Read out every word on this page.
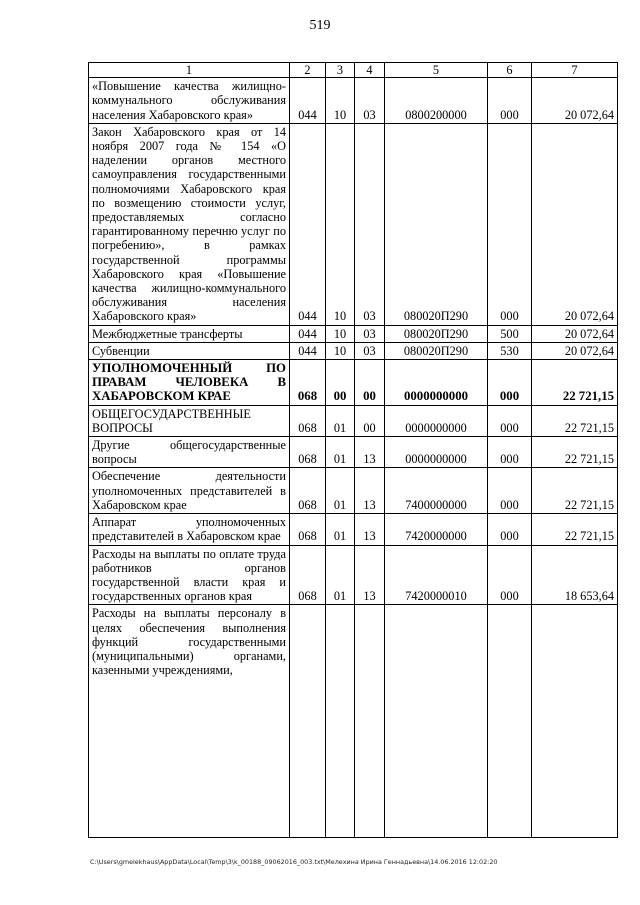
519
1	2	3	4	5	6	7
«Повышение качества жилищно-коммунального обслуживания населения Хабаровского края»	044	10	03	0800200000	000	20 072,64
Закон Хабаровского края от 14 ноября 2007 года № 154 «О наделении органов местного самоуправления государственными полномочиями Хабаровского края по возмещению стоимости услуг, предоставляемых согласно гарантированному перечню услуг по погребению», в рамках государственной программы Хабаровского края «Повышение качества жилищно-коммунального обслуживания населения Хабаровского края»	044	10	03	080020П290	000	20 072,64
Межбюджетные трансферты	044	10	03	080020П290	500	20 072,64
Субвенции	044	10	03	080020П290	530	20 072,64
УПОЛНОМОЧЕННЫЙ ПО ПРАВАМ ЧЕЛОВЕКА В ХАБАРОВСКОМ КРАЕ	068	00	00	0000000000	000	22 721,15
ОБЩЕГОСУДАРСТВЕННЫЕ ВОПРОСЫ	068	01	00	0000000000	000	22 721,15
Другие общегосударственные вопросы	068	01	13	0000000000	000	22 721,15
Обеспечение деятельности уполномоченных представителей в Хабаровском крае	068	01	13	7400000000	000	22 721,15
Аппарат уполномоченных представителей в Хабаровском крае	068	01	13	7420000000	000	22 721,15
Расходы на выплаты по оплате труда работников органов государственной власти края и государственных органов края	068	01	13	7420000010	000	18 653,64
Расходы на выплаты персоналу в целях обеспечения выполнения функций государственными (муниципальными) органами, казенными учреждениями,						
C:\Users\gmelekhaus\AppData\Local\Temp\3\k_00188_09062016_003.txt\Мелехина Ирина Геннадьевна\14.06.2016 12:02:20
